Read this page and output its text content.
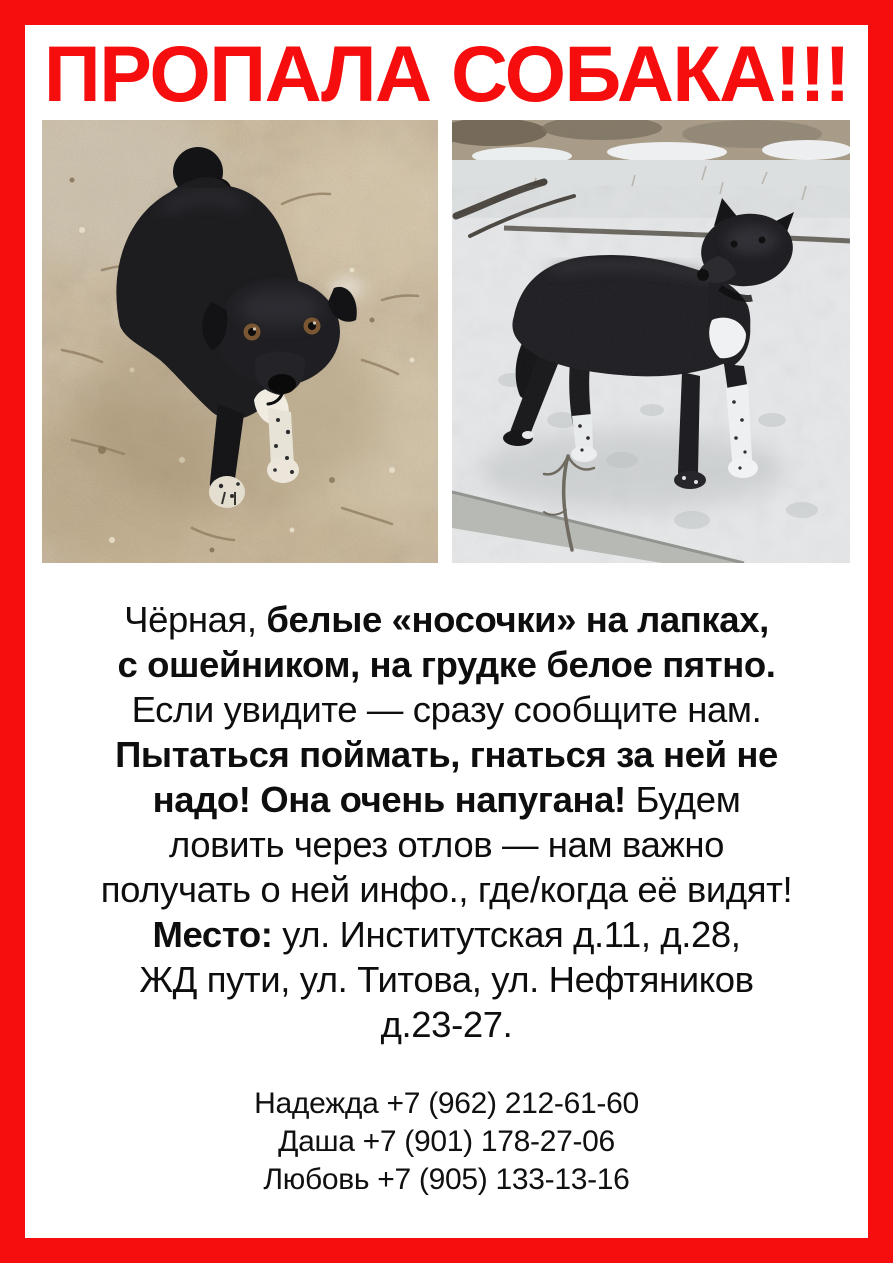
ПРОПАЛА СОБАКА!!!
Чёрная, белые «носочки» на лапках,
с ошейником, на грудке белое пятно.
Если увидите — сразу сообщите нам.
Пытаться поймать, гнаться за ней не
надо! Она очень напугана! Будем
ловить через отлов — нам важно
получать о ней инфо., где/когда её видят!
Место: ул. Институтская д.11, д.28,
ЖД пути, ул. Титова, ул. Нефтяников
д.23-27.
Надежда +7 (962) 212-61-60
Даша +7 (901) 178-27-06
Любовь +7 (905) 133-13-16
